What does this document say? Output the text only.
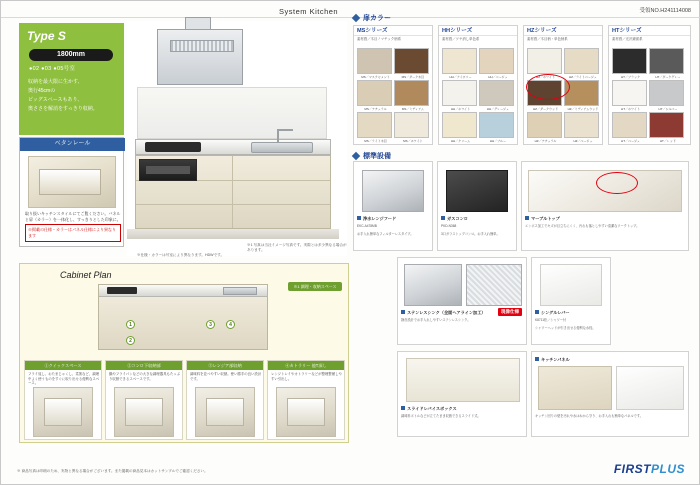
System Kitchen	受領NO.H241114008
Type S
1800mm
●02 ●03 ●05号室
収納を最大限に生かす、
奥行45cmの
ビッグスペースもあり、
奥ささを解消をすっきり収納。
ベタンレール
取り扱いキッチンスタイルにてご覧ください。バネルと扉（カラー）を一体化し、すっきりとした印象に。
※掲載の仕様・カラーはパネル仕様により異なります
※1 写真は当社イメージ写真です。実際とは多少異なる場合があります。
※仕様・カラーは号室により異なります。HDWです。
Cabinet Plan
※1 調理・収納スペース
1
2
3	4
①クイックスペース
フライ返し、おたまじゃくし、菜箸など、調理中よく使うものをすぐに取り出せる便利なスペース。
②コンロ下収納部
鍋やフライパンなどの大きな調理器具もたっぷり収納できるスペースです。
③レンジア部収納
調味料を並べやすい収納。使い勝手の良い設計です。
④カトラリー 他T深し
レンジトレイやカトラリーなどが整理整頓しやすい引出し。
扉カラー
MSシリーズ
素材感／木目ノマチック柄系
MS／マスクセメント
	MS／ダーク木目

MS／ナチュラル
	MS／ミディアム

MS／ライト木目
	MS／ホワイト
HHシリーズ
素材感／ツヤ消し単色系
HH／アイボリー
	HH／ベージュ

HH／ホワイト
	HH／グレージュ

HH／クリーム
	HH／ブルー
HZシリーズ
素材感／木目柄・単色柄系
HZ／ホワイト
	HZ／ライトベージュ

HZ／ダークウッド
	HZ／ミディアムウッド

HZ／ナチュラル
	HZ／ベージュ
HTシリーズ
素材感／光沢鏡面系
HT／ブラック
	HT／ダークグレー

HT／ホワイト
	HT／シルバー

HT／ベージュ
	HT／レッド
標準設備
浄水レンジフード
EKC-A478MB
お手入れ簡単なフィルターレスタイプ。
ガスコンロ
PKD-N368
3口ガラストップコンロ。お手入れ簡単。
マーブルトップ
エンボス加工でキズが目立ちにくく、汚れも落としやすい清潔なワークトップ。
ステンレスシンク（全面ヘアライン加工）
静音設計でお手入れしやすいステンレスシンク。
現像仕様	シングルレバー
K8711松／シャワー付
シャワーヘッドが引き出せる便利な水栓。
スライドレバイスボックス
調味料ボトルなどが立てたまま収納できるスライド式。
キッチンパネル
キッチン回りの壁を汚れや水はねから守り、お手入れも簡単なパネルです。
※ 商品写真は印刷のため、実物と異なる場合がございます。また掲載の商品見本はカットサンプルでご確認ください。	FIRSTPLUS
